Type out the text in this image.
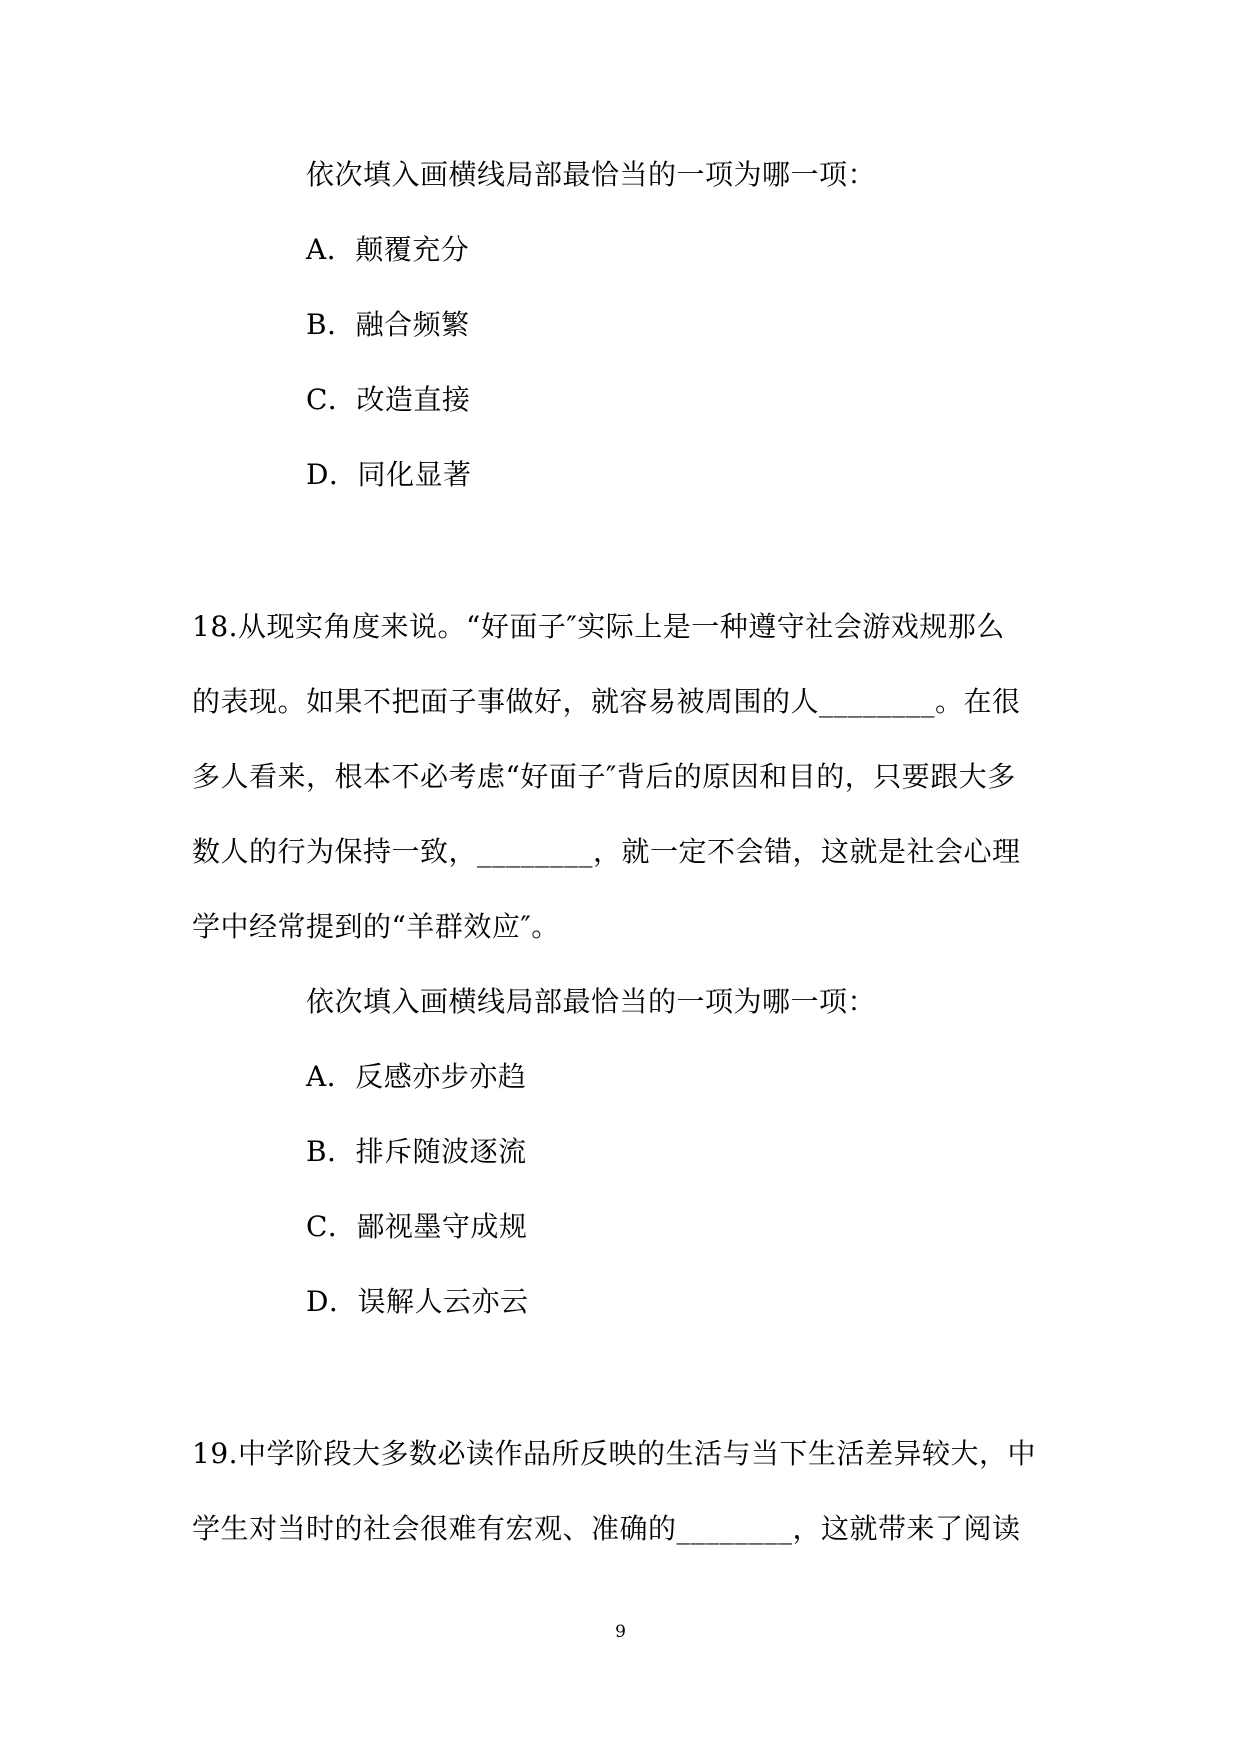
依次填入画横线局部最恰当的一项为哪一项：
A．颠覆充分
B．融合频繁
C．改造直接
D．同化显著
18.从现实角度来说。“好面子″实际上是一种遵守社会游戏规那么
的表现。如果不把面子事做好，就容易被周围的人________。在很
多人看来，根本不必考虑“好面子″背后的原因和目的，只要跟大多
数人的行为保持一致，________，就一定不会错，这就是社会心理
学中经常提到的“羊群效应″。
依次填入画横线局部最恰当的一项为哪一项：
A．反感亦步亦趋
B．排斥随波逐流
C．鄙视墨守成规
D．误解人云亦云
19.中学阶段大多数必读作品所反映的生活与当下生活差异较大，中
学生对当时的社会很难有宏观、准确的________，这就带来了阅读
9
